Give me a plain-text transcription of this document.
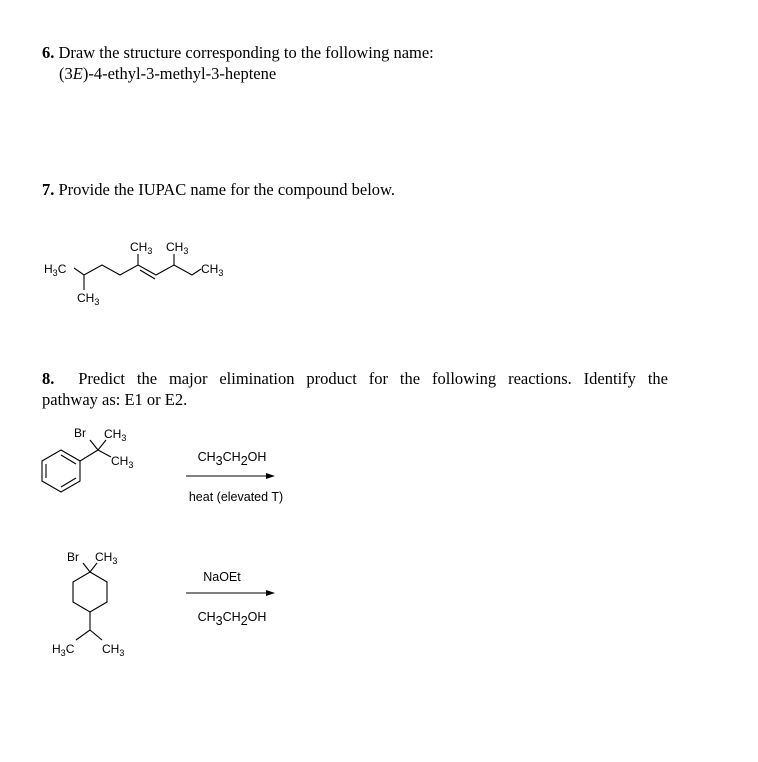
6. Draw the structure corresponding to the following name:
(3E)-4-ethyl-3-methyl-3-heptene
7. Provide the IUPAC name for the compound below.
H3C
CH3 CH3
CH3
CH3
8. Predict the major elimination product for the following reactions. Identify the
pathway as: E1 or E2.
Br CH3
CH3
CH3CH2OH
heat (elevated T)
Br CH3
H3C CH3
NaOEt
CH3CH2OH
